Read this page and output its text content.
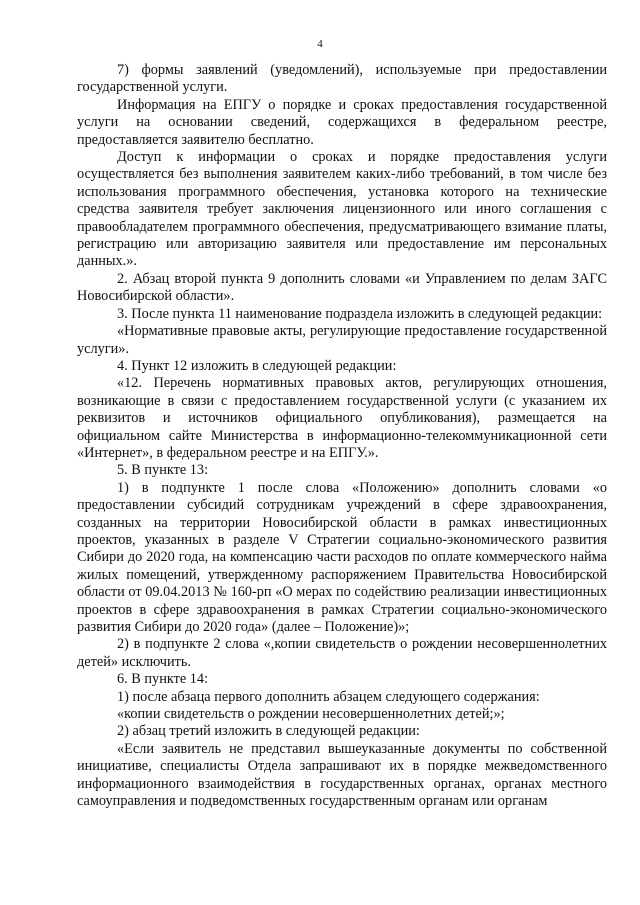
4

7) формы заявлений (уведомлений), используемые при предоставлении государственной услуги.

Информация на ЕПГУ о порядке и сроках предоставления государственной услуги на основании сведений, содержащихся в федеральном реестре, предоставляется заявителю бесплатно.

Доступ к информации о сроках и порядке предоставления услуги осуществляется без выполнения заявителем каких-либо требований, в том числе без использования программного обеспечения, установка которого на технические средства заявителя требует заключения лицензионного или иного соглашения с правообладателем программного обеспечения, предусматривающего взимание платы, регистрацию или авторизацию заявителя или предоставление им персональных данных.».

2. Абзац второй пункта 9 дополнить словами «и Управлением по делам ЗАГС Новосибирской области».

3. После пункта 11 наименование подраздела изложить в следующей редакции:

«Нормативные правовые акты, регулирующие предоставление государственной услуги».

4. Пункт 12 изложить в следующей редакции:

«12. Перечень нормативных правовых актов, регулирующих отношения, возникающие в связи с предоставлением государственной услуги (с указанием их реквизитов и источников официального опубликования), размещается на официальном сайте Министерства в информационно-телекоммуникационной сети «Интернет», в федеральном реестре и на ЕПГУ.».

5. В пункте 13:

1) в подпункте 1 после слова «Положению» дополнить словами «о предоставлении субсидий сотрудникам учреждений в сфере здравоохранения, созданных на территории Новосибирской области в рамках инвестиционных проектов, указанных в разделе V Стратегии социально-экономического развития Сибири до 2020 года, на компенсацию части расходов по оплате коммерческого найма жилых помещений, утвержденному распоряжением Правительства Новосибирской области от 09.04.2013 № 160-рп «О мерах по содействию реализации инвестиционных проектов в сфере здравоохранения в рамках Стратегии социально-экономического развития Сибири до 2020 года» (далее – Положение)»;

2) в подпункте 2 слова «,копии свидетельств о рождении несовершеннолетних детей» исключить.

6. В пункте 14:

1) после абзаца первого дополнить абзацем следующего содержания:

«копии свидетельств о рождении несовершеннолетних детей;»;

2) абзац третий изложить в следующей редакции:

«Если заявитель не представил вышеуказанные документы по собственной инициативе, специалисты Отдела запрашивают их в порядке межведомственного информационного взаимодействия в государственных органах, органах местного самоуправления и подведомственных государственным органам или органам
